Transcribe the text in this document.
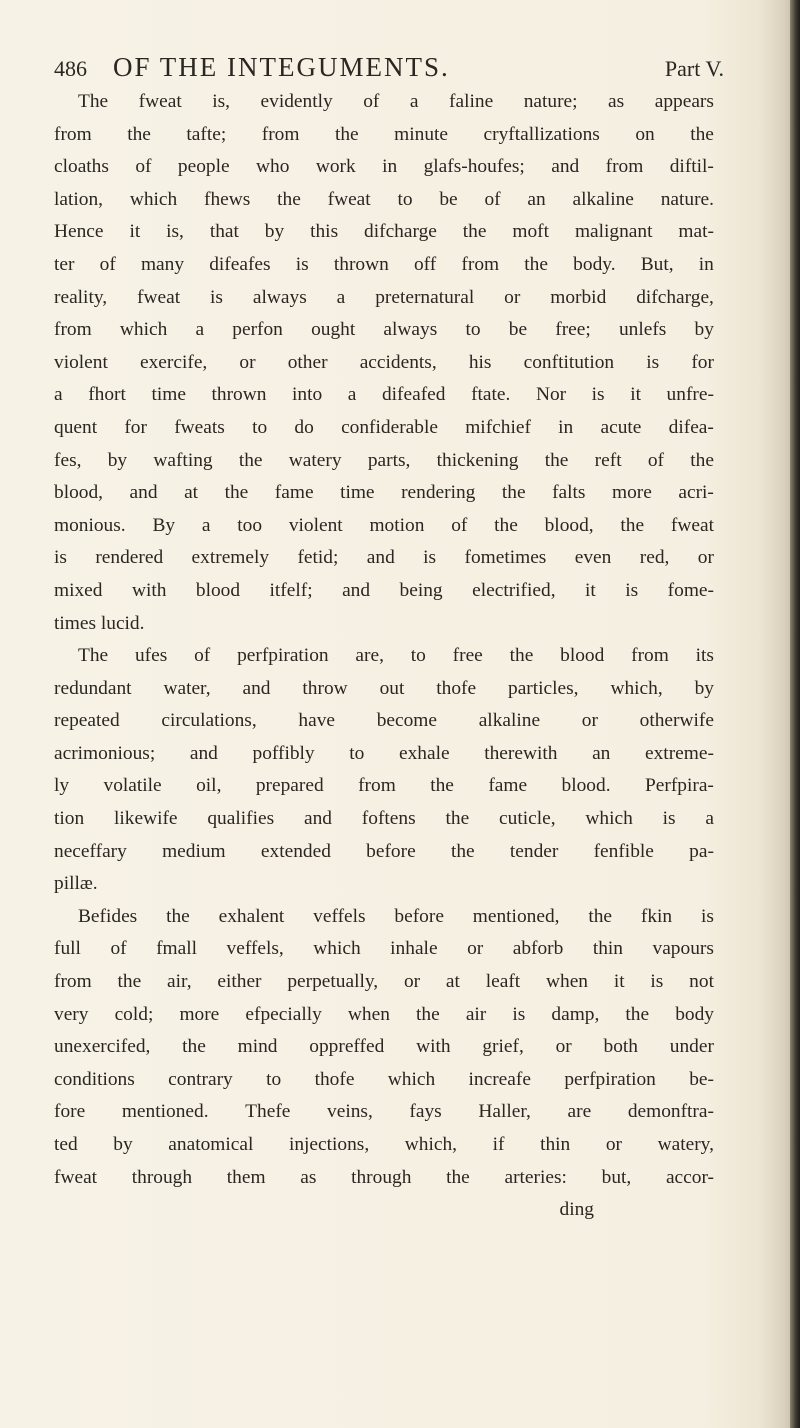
486 OF THE INTEGUMENTS.	Part V.
The fweat is, evidently of a faline nature; as appears
from the tafte; from the minute cryftallizations on the
cloaths of people who work in glafs-houfes; and from diftil-
lation, which fhews the fweat to be of an alkaline nature.
Hence it is, that by this difcharge the moft malignant mat-
ter of many difeafes is thrown off from the body. But, in
reality, fweat is always a preternatural or morbid difcharge,
from which a perfon ought always to be free; unlefs by
violent exercife, or other accidents, his conftitution is for
a fhort time thrown into a difeafed ftate. Nor is it unfre-
quent for fweats to do confiderable mifchief in acute difea-
fes, by wafting the watery parts, thickening the reft of the
blood, and at the fame time rendering the falts more acri-
monious. By a too violent motion of the blood, the fweat
is rendered extremely fetid; and is fometimes even red, or
mixed with blood itfelf; and being electrified, it is fome-
times lucid.
The ufes of perfpiration are, to free the blood from its
redundant water, and throw out thofe particles, which, by
repeated circulations, have become alkaline or otherwife
acrimonious; and poffibly to exhale therewith an extreme-
ly volatile oil, prepared from the fame blood. Perfpira-
tion likewife qualifies and foftens the cuticle, which is a
neceffary medium extended before the tender fenfible pa-
pillæ.
Befides the exhalent veffels before mentioned, the fkin is
full of fmall veffels, which inhale or abforb thin vapours
from the air, either perpetually, or at leaft when it is not
very cold; more efpecially when the air is damp, the body
unexercifed, the mind oppreffed with grief, or both under
conditions contrary to thofe which increafe perfpiration be-
fore mentioned. Thefe veins, fays Haller, are demonftra-
ted by anatomical injections, which, if thin or watery,
fweat through them as through the arteries: but, accor-
ding
